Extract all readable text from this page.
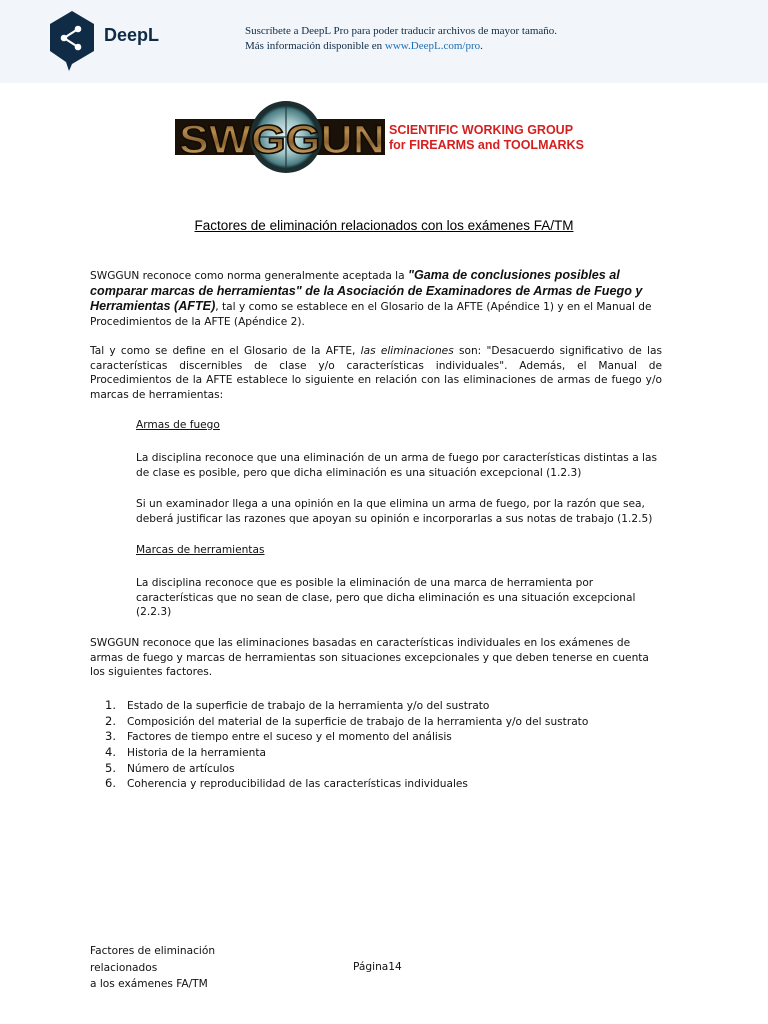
DeepL	Suscríbete a DeepL Pro para poder traducir archivos de mayor tamaño.
Más información disponible en www.DeepL.com/pro.
SWGGUN SCIENTIFIC WORKING GROUP
for FIREARMS and TOOLMARKS
Factores de eliminación relacionados con los exámenes FA/TM
SWGGUN reconoce como norma generalmente aceptada la "Gama de conclusiones posibles al
comparar marcas de herramientas" de la Asociación de Examinadores de Armas de Fuego y
Herramientas (AFTE), tal y como se establece en el Glosario de la AFTE (Apéndice 1) y en el Manual de
Procedimientos de la AFTE (Apéndice 2).
Tal y como se define en el Glosario de la AFTE, las eliminaciones son: "Desacuerdo significativo de las características discernibles de clase y/o características individuales". Además, el Manual de Procedimientos de la AFTE establece lo siguiente en relación con las eliminaciones de armas de fuego y/o marcas de herramientas:
Armas de fuego
La disciplina reconoce que una eliminación de un arma de fuego por características distintas a las de clase es posible, pero que dicha eliminación es una situación excepcional (1.2.3)
Si un examinador llega a una opinión en la que elimina un arma de fuego, por la razón que sea, deberá justificar las razones que apoyan su opinión e incorporarlas a sus notas de trabajo (1.2.5)
Marcas de herramientas
La disciplina reconoce que es posible la eliminación de una marca de herramienta por características que no sean de clase, pero que dicha eliminación es una situación excepcional (2.2.3)
SWGGUN reconoce que las eliminaciones basadas en características individuales en los exámenes de armas de fuego y marcas de herramientas son situaciones excepcionales y que deben tenerse en cuenta los siguientes factores.
1. Estado de la superficie de trabajo de la herramienta y/o del sustrato
2. Composición del material de la superficie de trabajo de la herramienta y/o del sustrato
3. Factores de tiempo entre el suceso y el momento del análisis
4. Historia de la herramienta
5. Número de artículos
6. Coherencia y reproducibilidad de las características individuales
Factores de eliminación
relacionados
a los exámenes FA/TM
Página14
